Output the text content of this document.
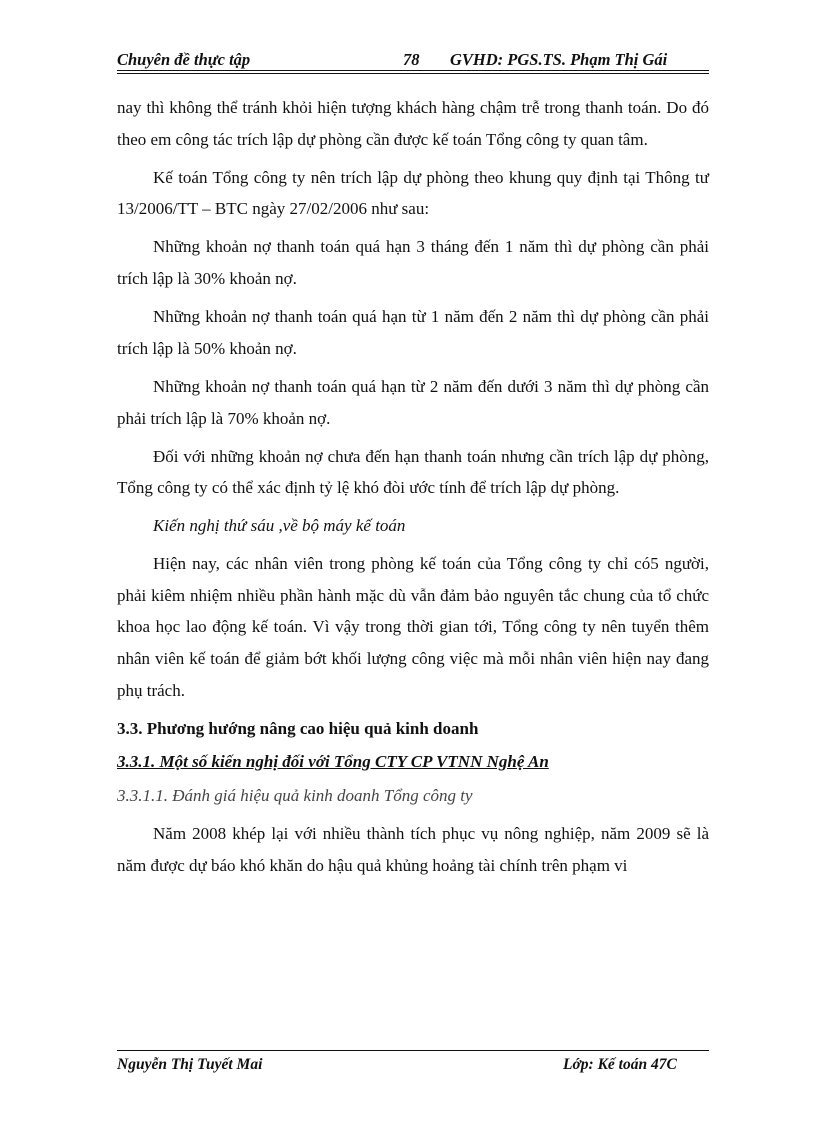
Chuyên đề thực tập	78 GVHD: PGS.TS. Phạm Thị Gái

nay thì không thể tránh khỏi hiện tượng khách hàng chậm trễ trong thanh toán. Do đó theo em công tác trích lập dự phòng cần được kế toán Tổng công ty quan tâm.

Kế toán Tổng công ty nên trích lập dự phòng theo khung quy định tại Thông tư 13/2006/TT – BTC ngày 27/02/2006 như sau:

Những khoản nợ thanh toán quá hạn 3 tháng đến 1 năm thì dự phòng cần phải trích lập là 30% khoản nợ.

Những khoản nợ thanh toán quá hạn từ 1 năm đến 2 năm thì dự phòng cần phải trích lập là 50% khoản nợ.

Những khoản nợ thanh toán quá hạn từ 2 năm đến dưới 3 năm thì dự phòng cần phải trích lập là 70% khoản nợ.

Đối với những khoản nợ chưa đến hạn thanh toán nhưng cần trích lập dự phòng, Tổng công ty có thể xác định tỷ lệ khó đòi ước tính để trích lập dự phòng.

Kiến nghị thứ sáu ,về bộ máy kế toán

Hiện nay, các nhân viên trong phòng kế toán của Tổng công ty chỉ có5 người, phải kiêm nhiệm nhiều phần hành mặc dù vẫn đảm bảo nguyên tắc chung của tổ chức khoa học lao động kế toán. Vì vậy trong thời gian tới, Tổng công ty nên tuyển thêm nhân viên kế toán để giảm bớt khối lượng công việc mà mỗi nhân viên hiện nay đang phụ trách.

3.3. Phương hướng nâng cao hiệu quả kinh doanh

3.3.1. Một số kiến nghị đối với Tổng CTY CP VTNN Nghệ An

3.3.1.1. Đánh giá hiệu quả kinh doanh Tổng công ty

Năm 2008 khép lại với nhiều thành tích phục vụ nông nghiệp, năm 2009 sẽ là năm được dự báo khó khăn do hậu quả khủng hoảng tài chính trên phạm vi

Nguyễn Thị Tuyết Mai	Lớp: Kế toán 47C
